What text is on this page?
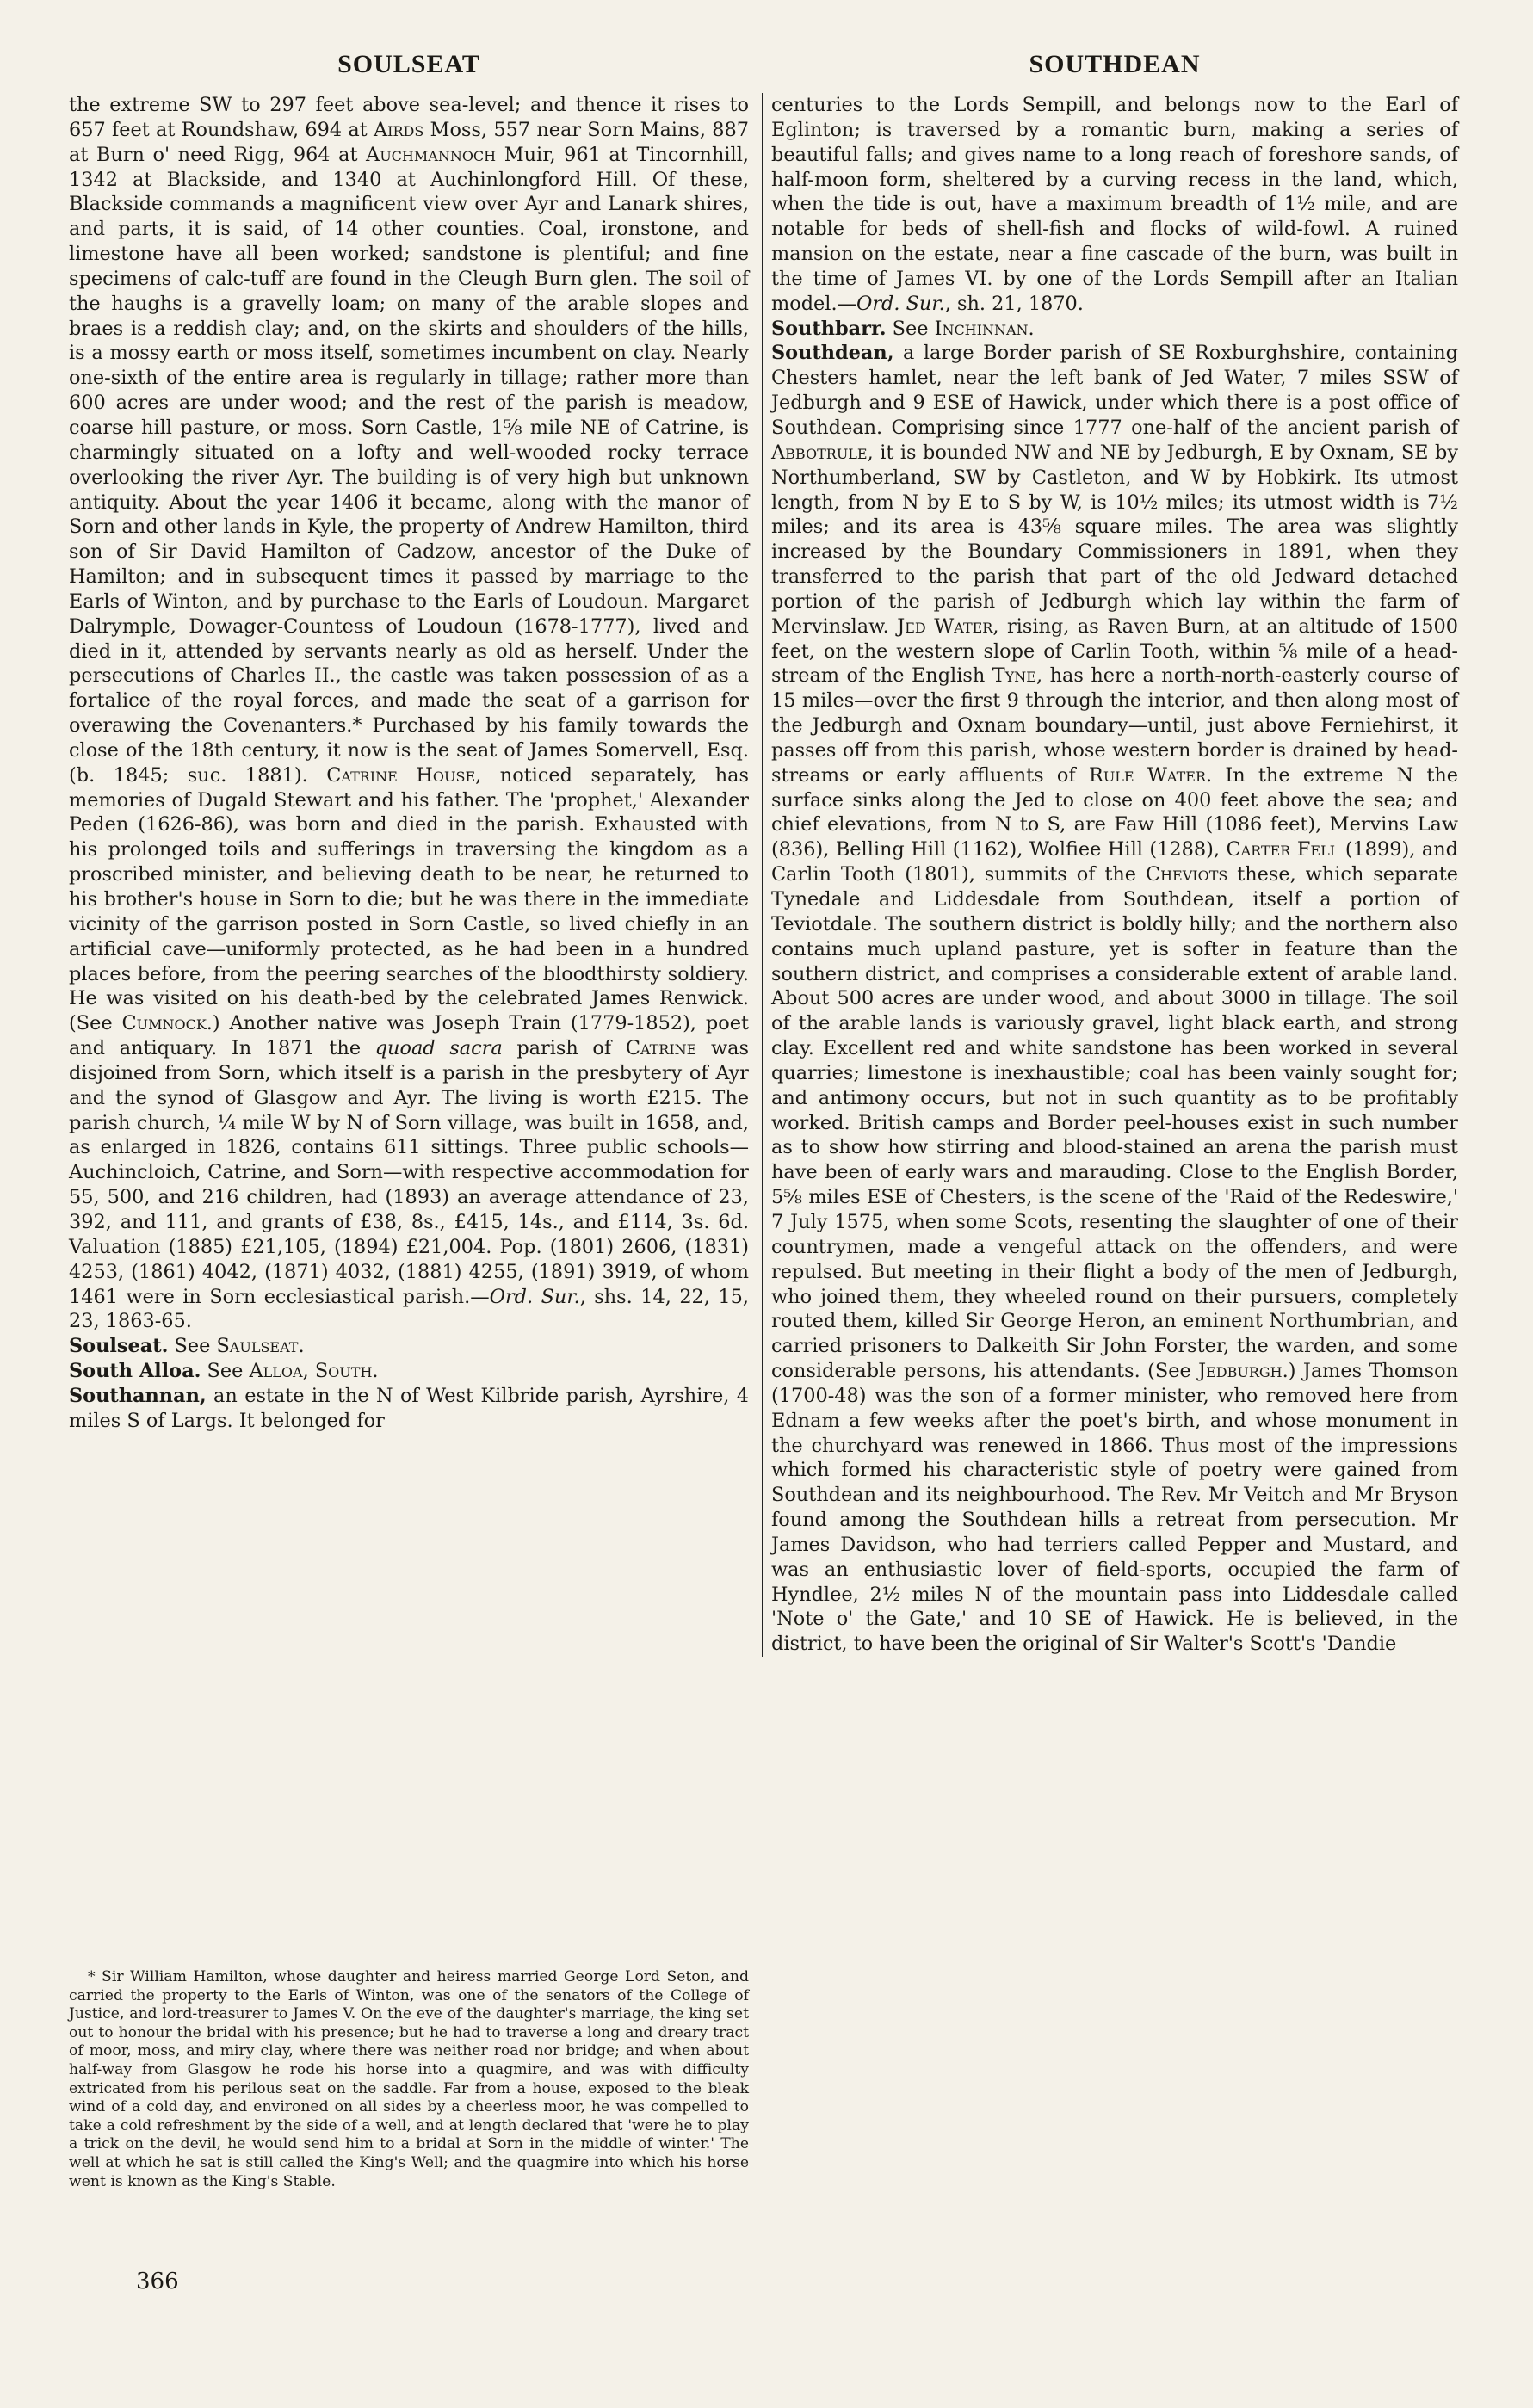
SOULSEAT	SOUTHDEAN

the extreme SW to 297 feet above sea-level; and thence it rises to 657 feet at Roundshaw, 694 at Airds Moss, 557 near Sorn Mains, 887 at Burn o' need Rigg, 964 at Auchmannoch Muir, 961 at Tincornhill, 1342 at Blackside, and 1340 at Auchinlongford Hill. Of these, Blackside commands a magnificent view over Ayr and Lanark shires, and parts, it is said, of 14 other counties. Coal, ironstone, and limestone have all been worked; sandstone is plentiful; and fine specimens of calc-tuff are found in the Cleugh Burn glen. The soil of the haughs is a gravelly loam; on many of the arable slopes and braes is a reddish clay; and, on the skirts and shoulders of the hills, is a mossy earth or moss itself, sometimes incumbent on clay. Nearly one-sixth of the entire area is regularly in tillage; rather more than 600 acres are under wood; and the rest of the parish is meadow, coarse hill pasture, or moss. Sorn Castle, 1⅝ mile NE of Catrine, is charmingly situated on a lofty and well-wooded rocky terrace overlooking the river Ayr. The building is of very high but unknown antiquity. About the year 1406 it became, along with the manor of Sorn and other lands in Kyle, the property of Andrew Hamilton, third son of Sir David Hamilton of Cadzow, ancestor of the Duke of Hamilton; and in subsequent times it passed by marriage to the Earls of Winton, and by purchase to the Earls of Loudoun. Margaret Dalrymple, Dowager-Countess of Loudoun (1678-1777), lived and died in it, attended by servants nearly as old as herself. Under the persecutions of Charles II., the castle was taken possession of as a fortalice of the royal forces, and made the seat of a garrison for overawing the Covenanters.* Purchased by his family towards the close of the 18th century, it now is the seat of James Somervell, Esq. (b. 1845; suc. 1881). Catrine House, noticed separately, has memories of Dugald Stewart and his father. The 'prophet,' Alexander Peden (1626-86), was born and died in the parish. Exhausted with his prolonged toils and sufferings in traversing the kingdom as a proscribed minister, and believing death to be near, he returned to his brother's house in Sorn to die; but he was there in the immediate vicinity of the garrison posted in Sorn Castle, so lived chiefly in an artificial cave—uniformly protected, as he had been in a hundred places before, from the peering searches of the bloodthirsty soldiery. He was visited on his death-bed by the celebrated James Renwick. (See Cumnock.) Another native was Joseph Train (1779-1852), poet and antiquary. In 1871 the quoad sacra parish of Catrine was disjoined from Sorn, which itself is a parish in the presbytery of Ayr and the synod of Glasgow and Ayr. The living is worth £215. The parish church, ¼ mile W by N of Sorn village, was built in 1658, and, as enlarged in 1826, contains 611 sittings. Three public schools—Auchincloich, Catrine, and Sorn—with respective accommodation for 55, 500, and 216 children, had (1893) an average attendance of 23, 392, and 111, and grants of £38, 8s., £415, 14s., and £114, 3s. 6d. Valuation (1885) £21,105, (1894) £21,004. Pop. (1801) 2606, (1831) 4253, (1861) 4042, (1871) 4032, (1881) 4255, (1891) 3919, of whom 1461 were in Sorn ecclesiastical parish.—Ord. Sur., shs. 14, 22, 15, 23, 1863-65.

Soulseat. See Saulseat.

South Alloa. See Alloa, South.

Southannan, an estate in the N of West Kilbride parish, Ayrshire, 4 miles S of Largs. It belonged for

* Sir William Hamilton, whose daughter and heiress married George Lord Seton, and carried the property to the Earls of Winton, was one of the senators of the College of Justice, and lord-treasurer to James V. On the eve of the daughter's marriage, the king set out to honour the bridal with his presence; but he had to traverse a long and dreary tract of moor, moss, and miry clay, where there was neither road nor bridge; and when about half-way from Glasgow he rode his horse into a quagmire, and was with difficulty extricated from his perilous seat on the saddle. Far from a house, exposed to the bleak wind of a cold day, and environed on all sides by a cheerless moor, he was compelled to take a cold refreshment by the side of a well, and at length declared that 'were he to play a trick on the devil, he would send him to a bridal at Sorn in the middle of winter.' The well at which he sat is still called the King's Well; and the quagmire into which his horse went is known as the King's Stable.

366

centuries to the Lords Sempill, and belongs now to the Earl of Eglinton; is traversed by a romantic burn, making a series of beautiful falls; and gives name to a long reach of foreshore sands, of half-moon form, sheltered by a curving recess in the land, which, when the tide is out, have a maximum breadth of 1½ mile, and are notable for beds of shell-fish and flocks of wild-fowl. A ruined mansion on the estate, near a fine cascade of the burn, was built in the time of James VI. by one of the Lords Sempill after an Italian model.—Ord. Sur., sh. 21, 1870.

Southbarr. See Inchinnan.

Southdean, a large Border parish of SE Roxburghshire, containing Chesters hamlet, near the left bank of Jed Water, 7 miles SSW of Jedburgh and 9 ESE of Hawick, under which there is a post office of Southdean. Comprising since 1777 one-half of the ancient parish of Abbotrule, it is bounded NW and NE by Jedburgh, E by Oxnam, SE by Northumberland, SW by Castleton, and W by Hobkirk. Its utmost length, from N by E to S by W, is 10½ miles; its utmost width is 7½ miles; and its area is 43⅝ square miles. The area was slightly increased by the Boundary Commissioners in 1891, when they transferred to the parish that part of the old Jedward detached portion of the parish of Jedburgh which lay within the farm of Mervinslaw. Jed Water, rising, as Raven Burn, at an altitude of 1500 feet, on the western slope of Carlin Tooth, within ⅝ mile of a head-stream of the English Tyne, has here a north-north-easterly course of 15 miles—over the first 9 through the interior, and then along most of the Jedburgh and Oxnam boundary—until, just above Ferniehirst, it passes off from this parish, whose western border is drained by head-streams or early affluents of Rule Water. In the extreme N the surface sinks along the Jed to close on 400 feet above the sea; and chief elevations, from N to S, are Faw Hill (1086 feet), Mervins Law (836), Belling Hill (1162), Wolfiee Hill (1288), Carter Fell (1899), and Carlin Tooth (1801), summits of the Cheviots these, which separate Tynedale and Liddesdale from Southdean, itself a portion of Teviotdale. The southern district is boldly hilly; and the northern also contains much upland pasture, yet is softer in feature than the southern district, and comprises a considerable extent of arable land. About 500 acres are under wood, and about 3000 in tillage. The soil of the arable lands is variously gravel, light black earth, and strong clay. Excellent red and white sandstone has been worked in several quarries; limestone is inexhaustible; coal has been vainly sought for; and antimony occurs, but not in such quantity as to be profitably worked. British camps and Border peel-houses exist in such number as to show how stirring and blood-stained an arena the parish must have been of early wars and marauding. Close to the English Border, 5⅝ miles ESE of Chesters, is the scene of the 'Raid of the Redeswire,' 7 July 1575, when some Scots, resenting the slaughter of one of their countrymen, made a vengeful attack on the offenders, and were repulsed. But meeting in their flight a body of the men of Jedburgh, who joined them, they wheeled round on their pursuers, completely routed them, killed Sir George Heron, an eminent Northumbrian, and carried prisoners to Dalkeith Sir John Forster, the warden, and some considerable persons, his attendants. (See Jedburgh.) James Thomson (1700-48) was the son of a former minister, who removed here from Ednam a few weeks after the poet's birth, and whose monument in the churchyard was renewed in 1866. Thus most of the impressions which formed his characteristic style of poetry were gained from Southdean and its neighbourhood. The Rev. Mr Veitch and Mr Bryson found among the Southdean hills a retreat from persecution. Mr James Davidson, who had terriers called Pepper and Mustard, and was an enthusiastic lover of field-sports, occupied the farm of Hyndlee, 2½ miles N of the mountain pass into Liddesdale called 'Note o' the Gate,' and 10 SE of Hawick. He is believed, in the district, to have been the original of Sir Walter's Scott's 'Dandie
